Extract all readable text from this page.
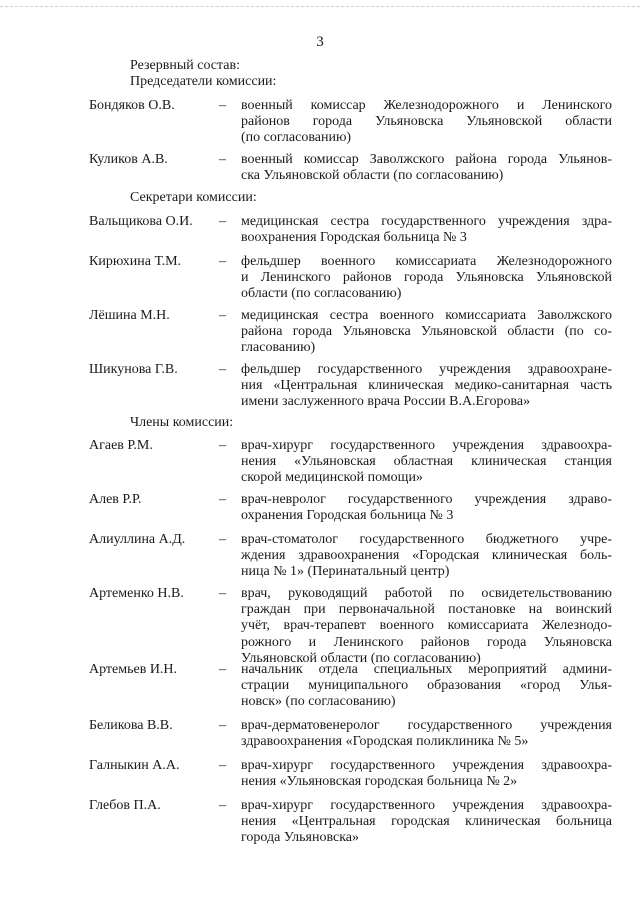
3
Резервный состав:
Председатели комиссии:
Секретари комиссии:
Члены комиссии:
Бондяков О.В.	– военный комиссар Железнодорожного и Ленинского
районов города Ульяновска Ульяновской области
(по согласованию)
Куликов А.В.	– военный комиссар Заволжского района города Ульянов-
ска Ульяновской области (по согласованию)
Вальщикова О.И. – медицинская сестра государственного учреждения здра-
воохранения Городская больница № 3
Кирюхина Т.М.	– фельдшер военного комиссариата Железнодорожного
и Ленинского районов города Ульяновска Ульяновской
области (по согласованию)
Лёшина М.Н.	– медицинская сестра военного комиссариата Заволжского
района города Ульяновска Ульяновской области (по со-
гласованию)
Шикунова Г.В.	– фельдшер государственного учреждения здравоохране-
ния «Центральная клиническая медико-санитарная часть
имени заслуженного врача России В.А.Егорова»
Агаев Р.М.	– врач-хирург государственного учреждения здравоохра-
нения «Ульяновская областная клиническая станция
скорой медицинской помощи»
Алев Р.Р.	– врач-невролог государственного учреждения здраво-
охранения Городская больница № 3
Алиуллина А.Д. – врач-стоматолог государственного бюджетного учре-
ждения здравоохранения «Городская клиническая боль-
ница № 1» (Перинатальный центр)
Артеменко Н.В.	– врач, руководящий работой по освидетельствованию
граждан при первоначальной постановке на воинский
учёт, врач-терапевт военного комиссариата Железнодо-
рожного и Ленинского районов города Ульяновска
Ульяновской области (по согласованию)
Артемьев И.Н.	– начальник отдела специальных мероприятий админи-
страции муниципального образования «город Улья-
новск» (по согласованию)
Беликова В.В.	– врач-дерматовенеролог государственного учреждения
здравоохранения «Городская поликлиника № 5»
Галныкин А.А.	– врач-хирург государственного учреждения здравоохра-
нения «Ульяновская городская больница № 2»
Глебов П.А.	– врач-хирург государственного учреждения здравоохра-
нения «Центральная городская клиническая больница
города Ульяновска»
